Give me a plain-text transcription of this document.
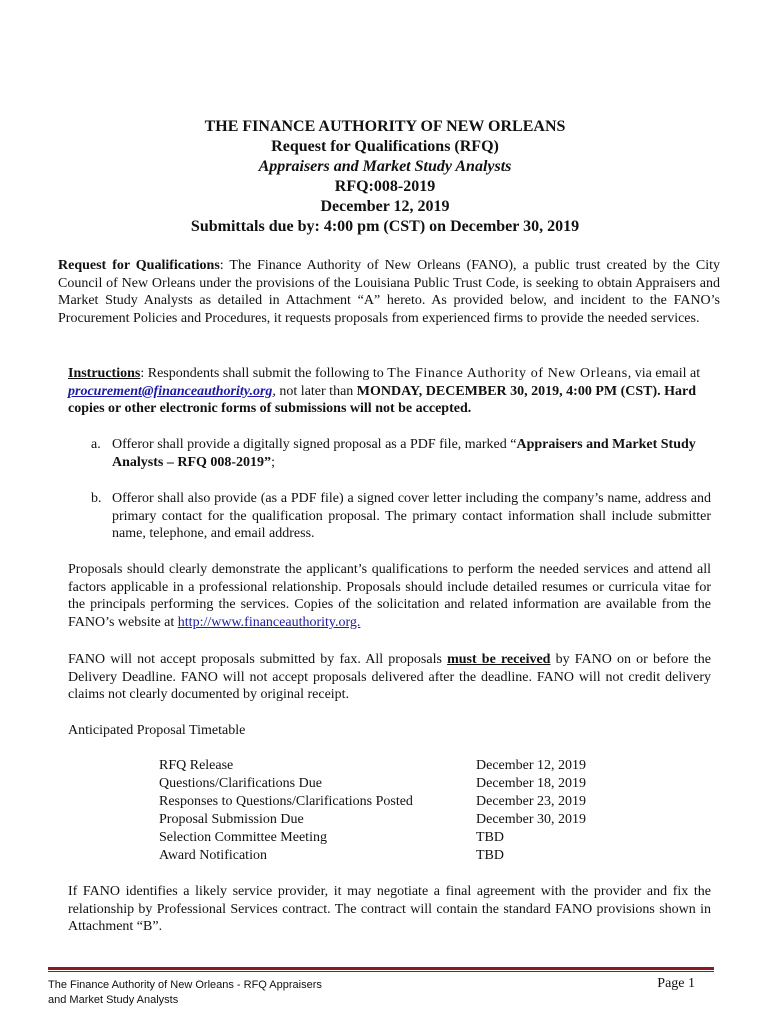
THE FINANCE AUTHORITY OF NEW ORLEANS
Request for Qualifications (RFQ)
Appraisers and Market Study Analysts
RFQ:008-2019
December 12, 2019
Submittals due by: 4:00 pm (CST) on December 30, 2019
Request for Qualifications: The Finance Authority of New Orleans (FANO), a public trust created by the City Council of New Orleans under the provisions of the Louisiana Public Trust Code, is seeking to obtain Appraisers and Market Study Analysts as detailed in Attachment “A” hereto. As provided below, and incident to the FANO’s Procurement Policies and Procedures, it requests proposals from experienced firms to provide the needed services.
Instructions: Respondents shall submit the following to The Finance Authority of New Orleans, via email at procurement@financeauthority.org, not later than MONDAY, DECEMBER 30, 2019, 4:00 PM (CST). Hard copies or other electronic forms of submissions will not be accepted.
a. Offeror shall provide a digitally signed proposal as a PDF file, marked “Appraisers and Market Study Analysts – RFQ 008-2019”;
b. Offeror shall also provide (as a PDF file) a signed cover letter including the company’s name, address and primary contact for the qualification proposal. The primary contact information shall include submitter name, telephone, and email address.
Proposals should clearly demonstrate the applicant’s qualifications to perform the needed services and attend all factors applicable in a professional relationship. Proposals should include detailed resumes or curricula vitae for the principals performing the services. Copies of the solicitation and related information are available from the FANO’s website at http://www.financeauthority.org.
FANO will not accept proposals submitted by fax. All proposals must be received by FANO on or before the Delivery Deadline. FANO will not accept proposals delivered after the deadline. FANO will not credit delivery claims not clearly documented by original receipt.
Anticipated Proposal Timetable
RFQ Release	December 12, 2019
Questions/Clarifications Due	December 18, 2019
Responses to Questions/Clarifications Posted	December 23, 2019
Proposal Submission Due	December 30, 2019
Selection Committee Meeting	TBD
Award Notification	TBD
If FANO identifies a likely service provider, it may negotiate a final agreement with the provider and fix the relationship by Professional Services contract. The contract will contain the standard FANO provisions shown in Attachment “B”.
The Finance Authority of New Orleans - RFQ Appraisers
and Market Study Analysts
Page 1
